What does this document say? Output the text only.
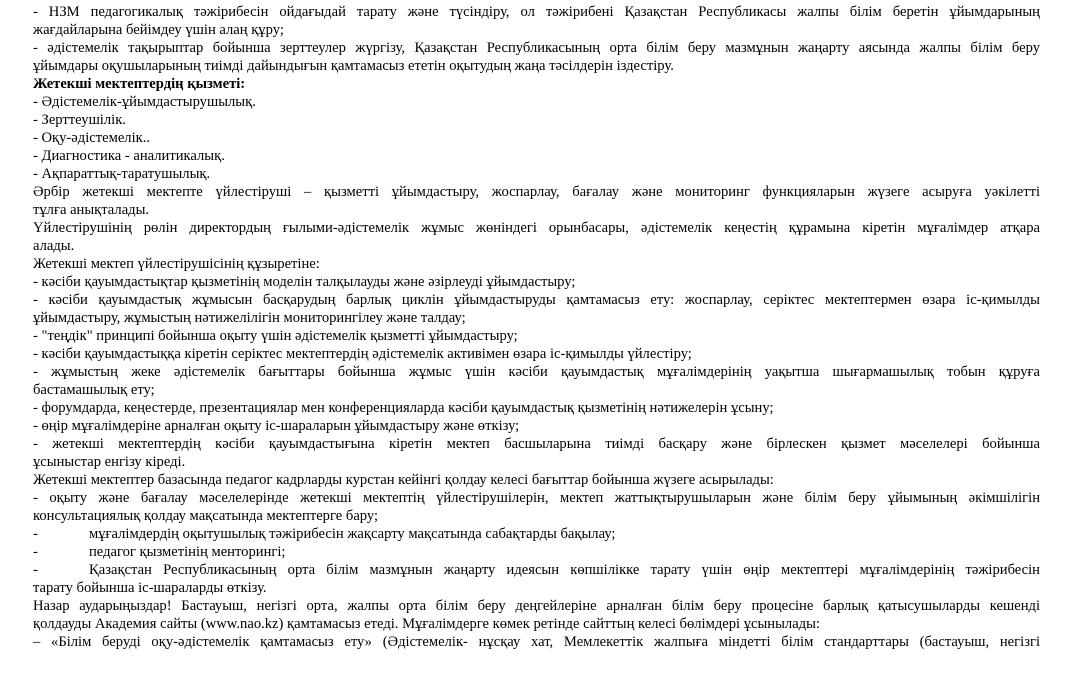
- НЗМ педагогикалық тәжірибесін ойдағыдай тарату және түсіндіру, ол тәжірибені Қазақстан Республикасы жалпы білім беретін ұйымдарының
жағдайларына бейімдеу үшін алаң құру;
- әдістемелік тақырыптар бойынша зерттеулер жүргізу, Қазақстан Республикасының орта білім беру мазмұнын жаңарту аясында жалпы білім беру
ұйымдары оқушыларының тиімді дайындығын қамтамасыз ететін оқытудың жаңа тәсілдерін іздестіру.
Жетекші мектептердің қызметі:
- Әдістемелік-ұйымдастырушылық.
- Зерттеушілік.
- Оқу-әдістемелік..
- Диагностика - аналитикалық.
- Ақпараттық-таратушылық.
Әрбір жетекші мектепте үйлестіруші – қызметті ұйымдастыру, жоспарлау, бағалау және мониторинг функцияларын жүзеге асыруға уәкілетті
тұлға анықталады.
Үйлестірушінің рөлін директордың ғылыми-әдістемелік жұмыс жөніндегі орынбасары, әдістемелік кеңестің құрамына кіретін мұғалімдер атқара
алады.
Жетекші мектеп үйлестірушісінің құзыретіне:
- кәсіби қауымдастықтар қызметінің моделін талқылауды және әзірлеуді ұйымдастыру;
- кәсіби қауымдастық жұмысын басқарудың барлық циклін ұйымдастыруды қамтамасыз ету: жоспарлау, серіктес мектептермен өзара іс-қимылды
ұйымдастыру, жұмыстың нәтижелілігін мониторингілеу және талдау;
- "теңдік" принципі бойынша оқыту үшін әдістемелік қызметті ұйымдастыру;
- кәсіби қауымдастыққа кіретін серіктес мектептердің әдістемелік активімен өзара іс-қимылды үйлестіру;
- жұмыстың жеке әдістемелік бағыттары бойынша жұмыс үшін кәсіби қауымдастық мұғалімдерінің уақытша шығармашылық тобын құруға
бастамашылық ету;
- форумдарда, кеңестерде, презентациялар мен конференцияларда кәсіби қауымдастық қызметінің нәтижелерін ұсыну;
- өңір мұғалімдеріне арналған оқыту іс-шараларын ұйымдастыру және өткізу;
- жетекші мектептердің кәсіби қауымдастығына кіретін мектеп басшыларына тиімді басқару және бірлескен қызмет мәселелері бойынша
ұсыныстар енгізу кіреді.
Жетекші мектептер базасында педагог кадрларды курстан кейінгі қолдау келесі бағыттар бойынша жүзеге асырылады:
- оқыту және бағалау мәселелерінде жетекші мектептің үйлестірушілерін, мектеп жаттықтырушыларын және білім беру ұйымының әкімшілігін
консультациялық қолдау мақсатында мектептерге бару;
-	мұғалімдердің оқытушылық тәжірибесін жақсарту мақсатында сабақтарды бақылау;
-	педагог қызметінің менторингі;
-	Қазақстан Республикасының орта білім мазмұнын жаңарту идеясын көпшілікке тарату үшін өңір мектептері мұғалімдерінің тәжірибесін
тарату бойынша іс-шараларды өткізу.
Назар аударыңыздар! Бастауыш, негізгі орта, жалпы орта білім беру деңгейлеріне арналған білім беру процесіне барлық қатысушыларды кешенді
қолдауды Академия сайты (www.nao.kz) қамтамасыз етеді. Мұғалімдерге көмек ретінде сайттың келесі бөлімдері ұсынылады:
– «Білім беруді оқу-әдістемелік қамтамасыз ету» (Әдістемелік- нұсқау хат, Мемлекеттік жалпыға міндетті білім стандарттары (бастауыш, негізгі
